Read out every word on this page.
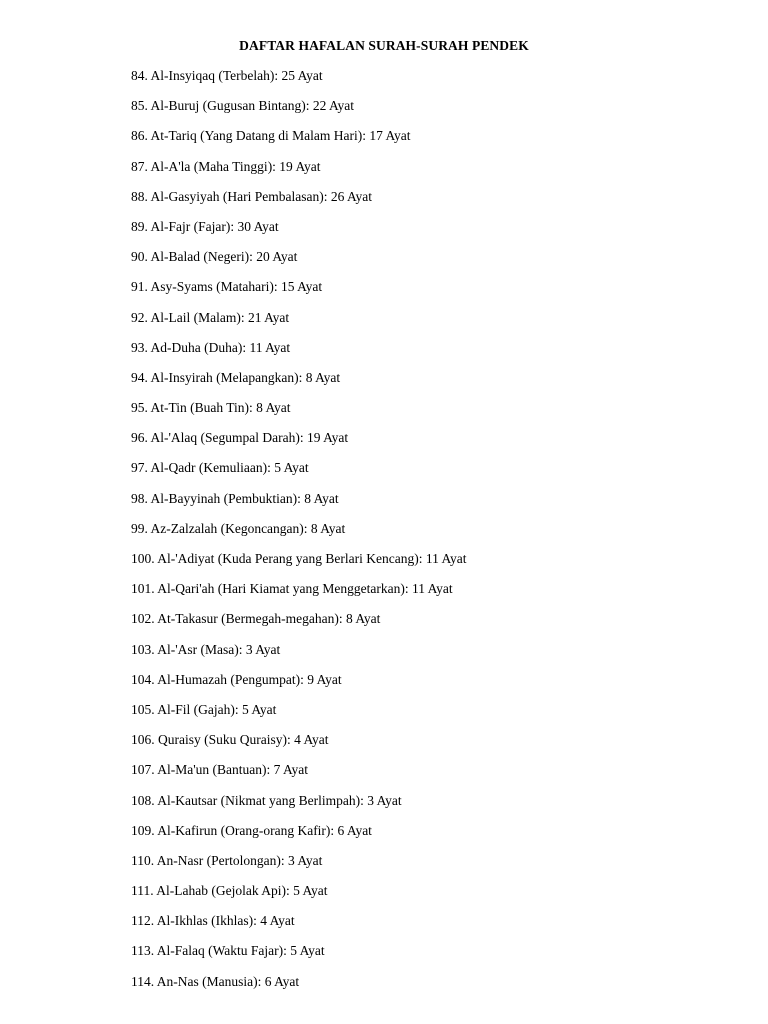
DAFTAR HAFALAN SURAH-SURAH PENDEK
84. Al-Insyiqaq (Terbelah): 25 Ayat
85. Al-Buruj (Gugusan Bintang): 22 Ayat
86. At-Tariq (Yang Datang di Malam Hari): 17 Ayat
87. Al-A'la (Maha Tinggi): 19 Ayat
88. Al-Gasyiyah (Hari Pembalasan): 26 Ayat
89. Al-Fajr (Fajar): 30 Ayat
90. Al-Balad (Negeri): 20 Ayat
91. Asy-Syams (Matahari): 15 Ayat
92. Al-Lail (Malam): 21 Ayat
93. Ad-Duha (Duha): 11 Ayat
94. Al-Insyirah (Melapangkan): 8 Ayat
95. At-Tin (Buah Tin): 8 Ayat
96. Al-'Alaq (Segumpal Darah): 19 Ayat
97. Al-Qadr (Kemuliaan): 5 Ayat
98. Al-Bayyinah (Pembuktian): 8 Ayat
99. Az-Zalzalah (Kegoncangan): 8 Ayat
100. Al-'Adiyat (Kuda Perang yang Berlari Kencang): 11 Ayat
101. Al-Qari'ah (Hari Kiamat yang Menggetarkan): 11 Ayat
102. At-Takasur (Bermegah-megahan): 8 Ayat
103. Al-'Asr (Masa): 3 Ayat
104. Al-Humazah (Pengumpat): 9 Ayat
105. Al-Fil (Gajah): 5 Ayat
106. Quraisy (Suku Quraisy): 4 Ayat
107. Al-Ma'un (Bantuan): 7 Ayat
108. Al-Kautsar (Nikmat yang Berlimpah): 3 Ayat
109. Al-Kafirun (Orang-orang Kafir): 6 Ayat
110. An-Nasr (Pertolongan): 3 Ayat
111. Al-Lahab (Gejolak Api): 5 Ayat
112. Al-Ikhlas (Ikhlas): 4 Ayat
113. Al-Falaq (Waktu Fajar): 5 Ayat
114. An-Nas (Manusia): 6 Ayat
